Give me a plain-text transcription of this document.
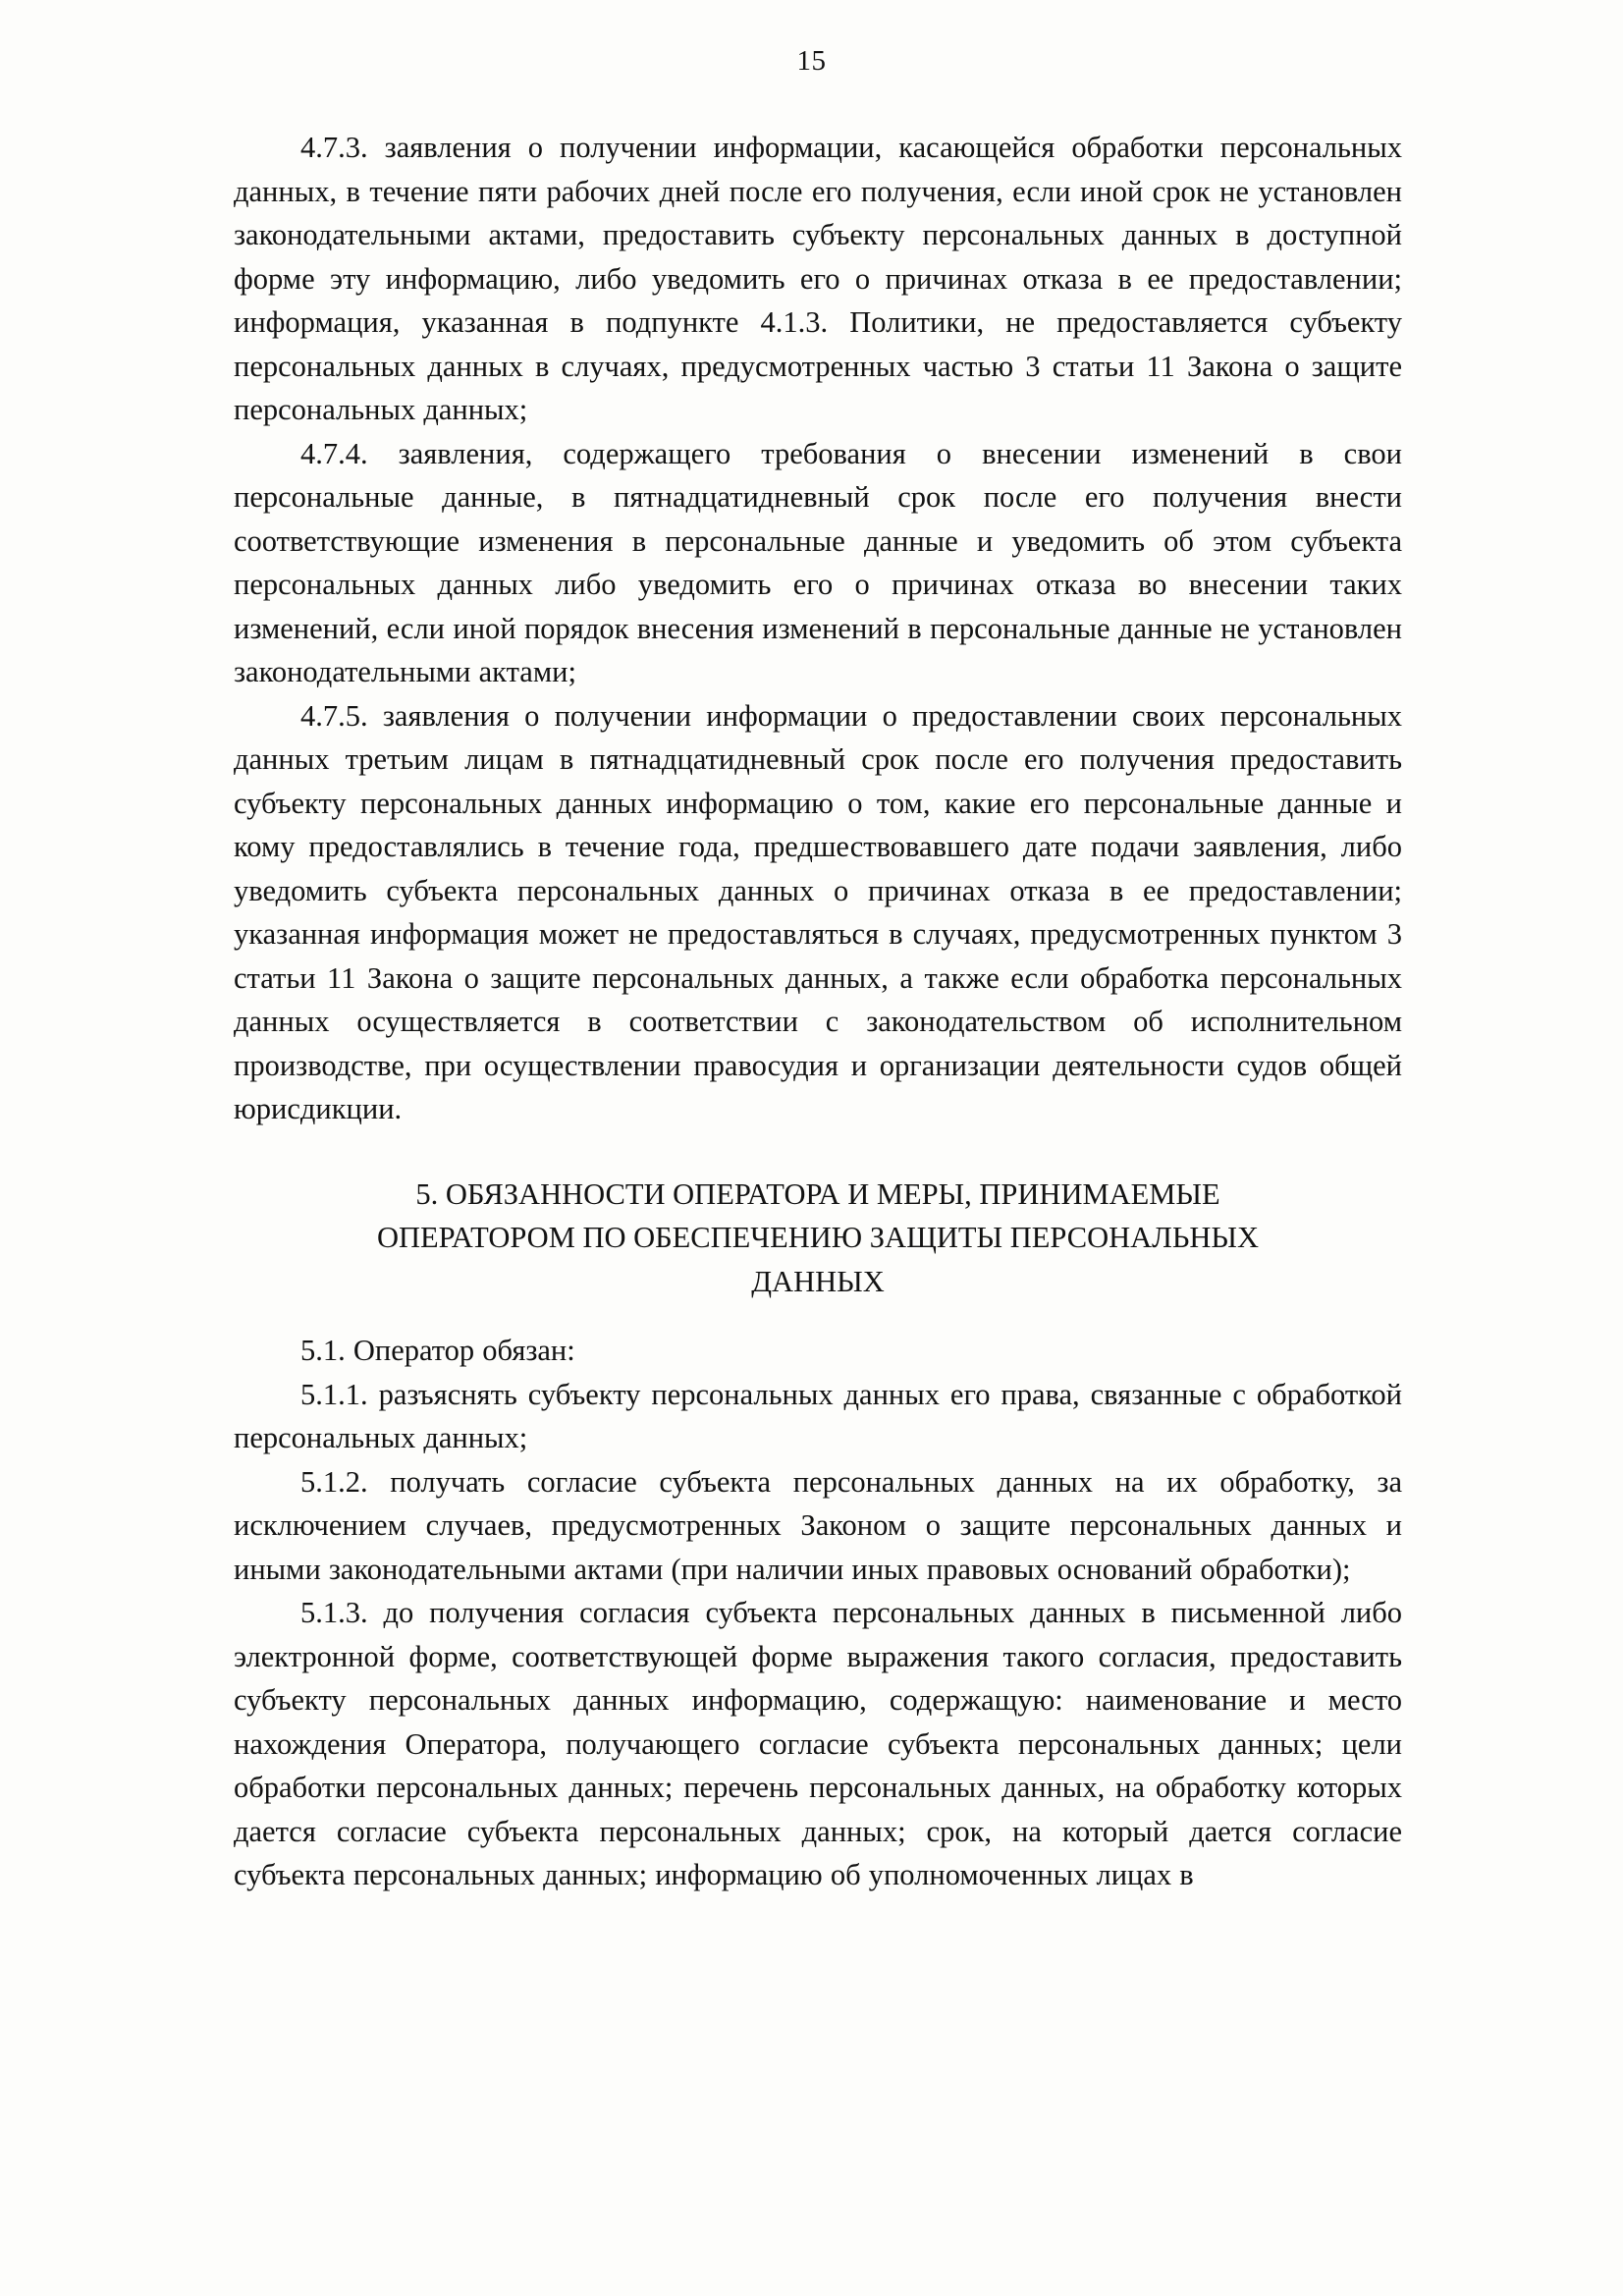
15

4.7.3. заявления о получении информации, касающейся обработки персональных данных, в течение пяти рабочих дней после его получения, если иной срок не установлен законодательными актами, предоставить субъекту персональных данных в доступной форме эту информацию, либо уведомить его о причинах отказа в ее предоставлении; информация, указанная в подпункте 4.1.3. Политики, не предоставляется субъекту персональных данных в случаях, предусмотренных частью 3 статьи 11 Закона о защите персональных данных;

4.7.4. заявления, содержащего требования о внесении изменений в свои персональные данные, в пятнадцатидневный срок после его получения внести соответствующие изменения в персональные данные и уведомить об этом субъекта персональных данных либо уведомить его о причинах отказа во внесении таких изменений, если иной порядок внесения изменений в персональные данные не установлен законодательными актами;

4.7.5. заявления о получении информации о предоставлении своих персональных данных третьим лицам в пятнадцатидневный срок после его получения предоставить субъекту персональных данных информацию о том, какие его персональные данные и кому предоставлялись в течение года, предшествовавшего дате подачи заявления, либо уведомить субъекта персональных данных о причинах отказа в ее предоставлении; указанная информация может не предоставляться в случаях, предусмотренных пунктом 3 статьи 11 Закона о защите персональных данных, а также если обработка персональных данных осуществляется в соответствии с законодательством об исполнительном производстве, при осуществлении правосудия и организации деятельности судов общей юрисдикции.

5. ОБЯЗАННОСТИ ОПЕРАТОРА И МЕРЫ, ПРИНИМАЕМЫЕ
ОПЕРАТОРОМ ПО ОБЕСПЕЧЕНИЮ ЗАЩИТЫ ПЕРСОНАЛЬНЫХ
ДАННЫХ

5.1. Оператор обязан:

5.1.1. разъяснять субъекту персональных данных его права, связанные с обработкой персональных данных;

5.1.2. получать согласие субъекта персональных данных на их обработку, за исключением случаев, предусмотренных Законом о защите персональных данных и иными законодательными актами (при наличии иных правовых оснований обработки);

5.1.3. до получения согласия субъекта персональных данных в письменной либо электронной форме, соответствующей форме выражения такого согласия, предоставить субъекту персональных данных информацию, содержащую: наименование и место нахождения Оператора, получающего согласие субъекта персональных данных; цели обработки персональных данных; перечень персональных данных, на обработку которых дается согласие субъекта персональных данных; срок, на который дается согласие субъекта персональных данных; информацию об уполномоченных лицах в
